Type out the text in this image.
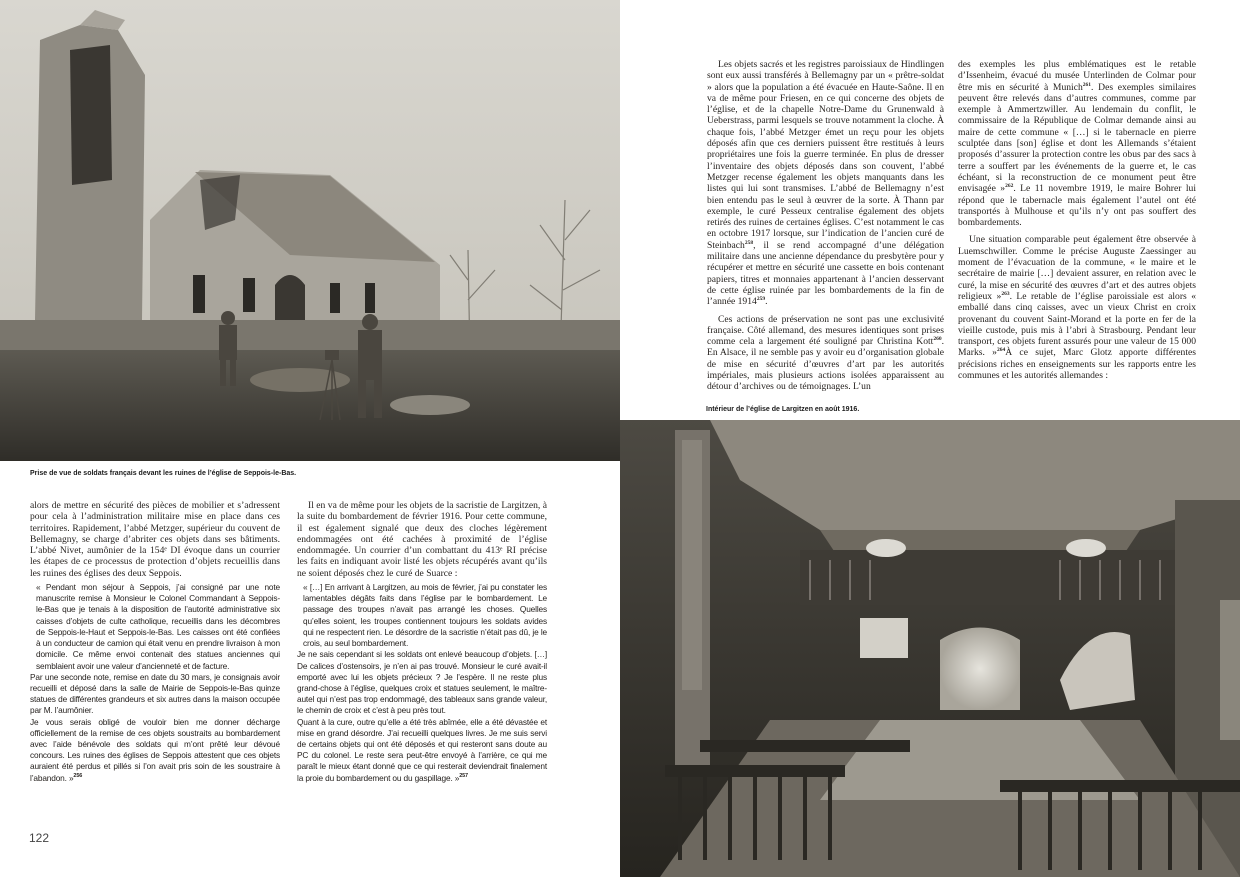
Prise de vue de soldats français devant les ruines de l’église de Seppois-le-Bas.
Intérieur de l’église de Largitzen en août 1916.

alors de mettre en sécurité des pièces de mobilier et s’adressent pour cela à l’administration militaire mise en place dans ces territoires. Rapidement, l’abbé Metzger, supérieur du couvent de Bellemagny, se charge d’abriter ces objets dans ses bâtiments. L’abbé Nivet, aumônier de la 154ᵉ DI évoque dans un courrier les étapes de ce processus de protection d’objets recueillis dans les ruines des églises des deux Seppois.

« Pendant mon séjour à Seppois, j’ai consigné par une note manuscrite remise à Monsieur le Colonel Commandant à Seppois-le-Bas que je tenais à la disposition de l’autorité administrative six caisses d’objets de culte catholique, recueillis dans les décombres de Seppois-le-Haut et Seppois-le-Bas. Les caisses ont été confiées à un conducteur de camion qui était venu en prendre livraison à mon domicile. Ce même envoi contenait des statues anciennes qui semblaient avoir une valeur d’ancienneté et de facture.

Par une seconde note, remise en date du 30 mars, je consignais avoir recueilli et déposé dans la salle de Mairie de Seppois-le-Bas quinze statues de différentes grandeurs et six autres dans la maison occupée par M. l’aumônier.

Je vous serais obligé de vouloir bien me donner décharge officiellement de la remise de ces objets soustraits au bombardement avec l’aide bénévole des soldats qui m’ont prêté leur dévoué concours. Les ruines des églises de Seppois attestent que ces objets auraient été perdus et pillés si l’on avait pris soin de les soustraire à l’abandon. »$^{256}$

Il en va de même pour les objets de la sacristie de Largitzen, à la suite du bombardement de février 1916. Pour cette commune, il est également signalé que deux des cloches légèrement endommagées ont été cachées à proximité de l’église endommagée. Un courrier d’un combattant du 413ᵉ RI précise les faits en indiquant avoir listé les objets récupérés avant qu’ils ne soient déposés chez le curé de Suarce :

« […] En arrivant à Largitzen, au mois de février, j’ai pu constater les lamentables dégâts faits dans l’église par le bombardement. Le passage des troupes n’avait pas arrangé les choses. Quelles qu’elles soient, les troupes contiennent toujours les soldats avides qui ne respectent rien. Le désordre de la sacristie n’était pas dû, je le crois, au seul bombardement.

Je ne sais cependant si les soldats ont enlevé beaucoup d’objets. […] De calices d’ostensoirs, je n’en ai pas trouvé. Monsieur le curé avait-il emporté avec lui les objets précieux ? Je l’espère. Il ne reste plus grand-chose à l’église, quelques croix et statues seulement, le maître-autel qui n’est pas trop endommagé, des tableaux sans grande valeur, le chemin de croix et c’est à peu près tout.

Quant à la cure, outre qu’elle a été très abîmée, elle a été dévastée et mise en grand désordre. J’ai recueilli quelques livres. Je me suis servi de certains objets qui ont été déposés et qui resteront sans doute au PC du colonel. Le reste sera peut-être envoyé à l’arrière, ce qui me paraît le mieux étant donné que ce qui resterait deviendrait finalement la proie du bombardement ou du gaspillage. »$^{257}$

122

Les objets sacrés et les registres paroissiaux de Hindlingen sont eux aussi transférés à Bellemagny par un « prêtre-soldat » alors que la population a été évacuée en Haute-Saône. Il en va de même pour Friesen, en ce qui concerne des objets de l’église, et de la chapelle Notre-Dame du Grunenwald à Ueberstrass, parmi lesquels se trouve notamment la cloche. À chaque fois, l’abbé Metzger émet un reçu pour les objets déposés afin que ces derniers puissent être restitués à leurs propriétaires une fois la guerre terminée. En plus de dresser l’inventaire des objets déposés dans son couvent, l’abbé Metzger recense également les objets manquants dans les listes qui lui sont transmises. L’abbé de Bellemagny n’est bien entendu pas le seul à œuvrer de la sorte. À Thann par exemple, le curé Pesseux centralise également des objets retirés des ruines de certaines églises. C’est notamment le cas en octobre 1917 lorsque, sur l’indication de l’ancien curé de Steinbach$^{258}$, il se rend accompagné d’une délégation militaire dans une ancienne dépendance du presbytère pour y récupérer et mettre en sécurité une cassette en bois contenant papiers, titres et monnaies appartenant à l’ancien desservant de cette église ruinée par les bombardements de la fin de l’année 1914$^{259}$.

Ces actions de préservation ne sont pas une exclusivité française. Côté allemand, des mesures identiques sont prises comme cela a largement été souligné par Christina Kott$^{260}$. En Alsace, il ne semble pas y avoir eu d’organisation globale de mise en sécurité d’œuvres d’art par les autorités impériales, mais plusieurs actions isolées apparaissent au détour d’archives ou de témoignages. L’un

des exemples les plus emblématiques est le retable d’Issenheim, évacué du musée Unterlinden de Colmar pour être mis en sécurité à Munich$^{261}$. Des exemples similaires peuvent être relevés dans d’autres communes, comme par exemple à Ammertzwiller. Au lendemain du conflit, le commissaire de la République de Colmar demande ainsi au maire de cette commune « […] si le tabernacle en pierre sculptée dans [son] église et dont les Allemands s’étaient proposés d’assurer la protection contre les obus par des sacs à terre a souffert par les événements de la guerre et, le cas échéant, si la reconstruction de ce monument peut être envisagée »$^{262}$. Le 11 novembre 1919, le maire Bohrer lui répond que le tabernacle mais également l’autel ont été transportés à Mulhouse et qu’ils n’y ont pas souffert des bombardements.

Une situation comparable peut également être observée à Luemschwiller. Comme le précise Auguste Zaessinger au moment de l’évacuation de la commune, « le maire et le secrétaire de mairie […] devaient assurer, en relation avec le curé, la mise en sécurité des œuvres d’art et des autres objets religieux »$^{263}$. Le retable de l’église paroissiale est alors « emballé dans cinq caisses, avec un vieux Christ en croix provenant du couvent Saint-Morand et la porte en fer de la vieille custode, puis mis à l’abri à Strasbourg. Pendant leur transport, ces objets furent assurés pour une valeur de 15 000 Marks. »$^{264}$À ce sujet, Marc Glotz apporte différentes précisions riches en enseignements sur les rapports entre les communes et les autorités allemandes :
